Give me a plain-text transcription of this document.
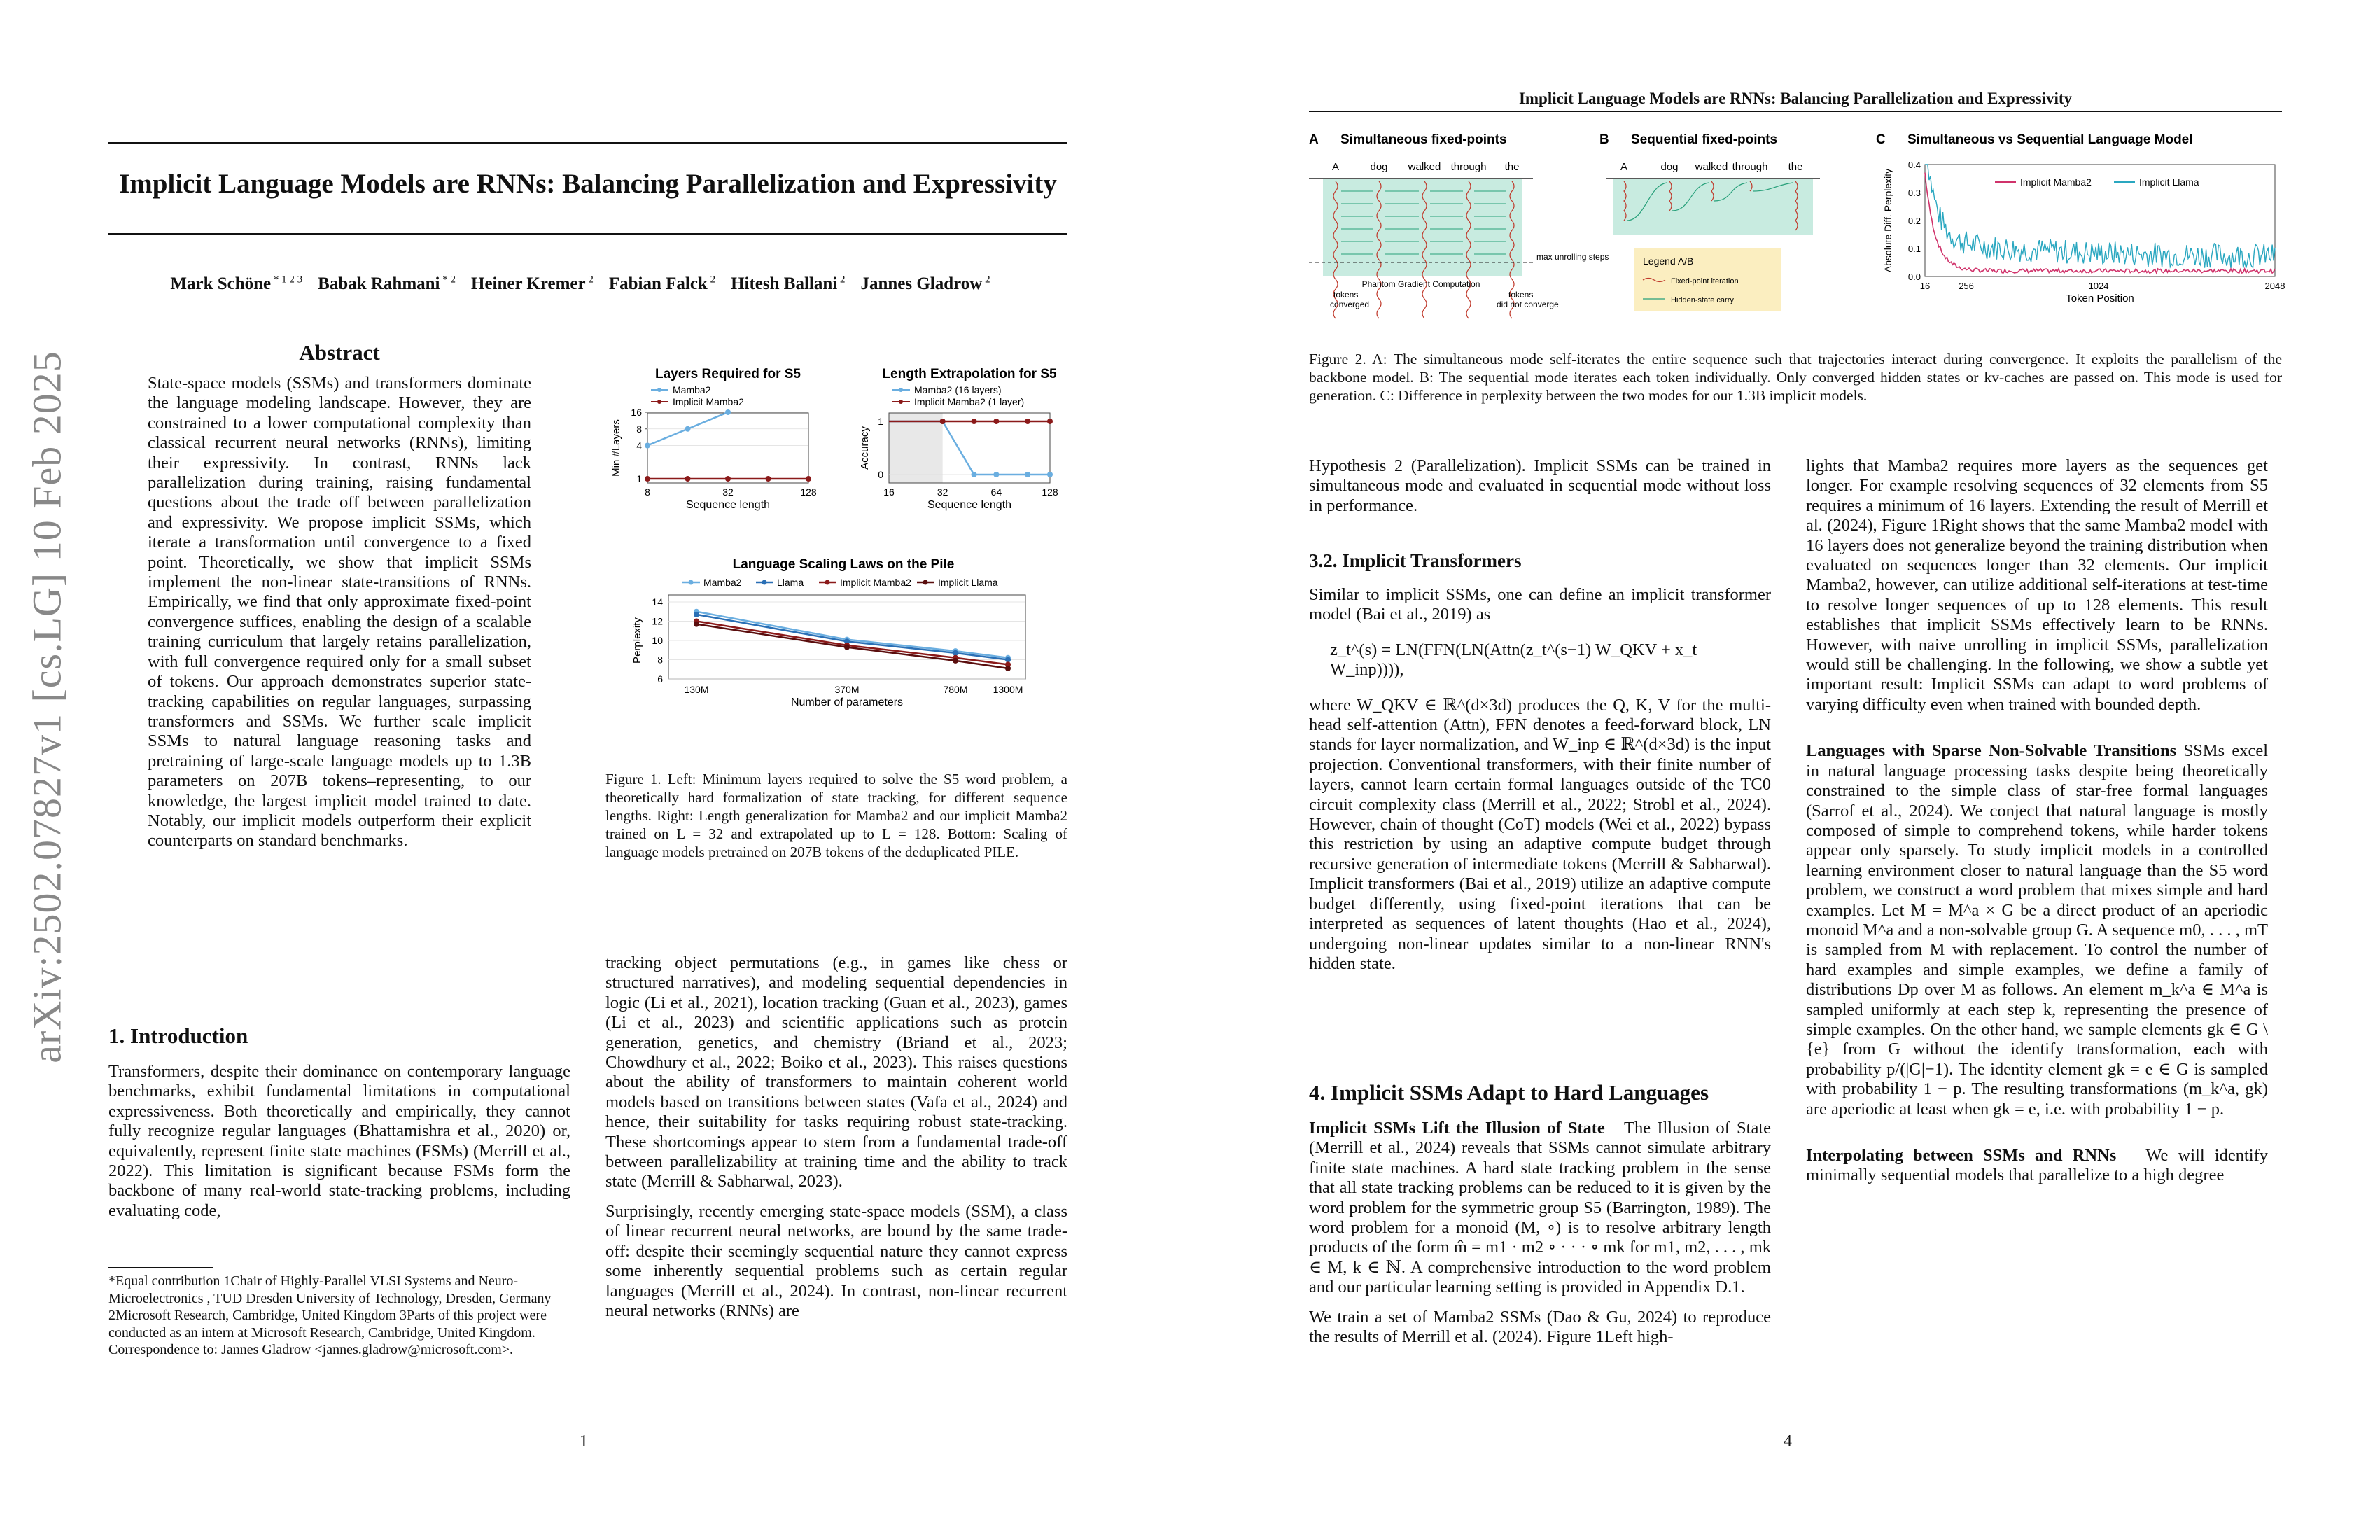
arXiv:2502.07827v1 [cs.LG] 10 Feb 2025
Implicit Language Models are RNNs: Balancing Parallelization and Expressivity
Mark Schöne $^{* 1 2 3}$ Babak Rahmani $^{* 2}$ Heiner Kremer $^2$ Fabian Falck $^2$ Hitesh Ballani $^2$ Jannes Gladrow $^2$
Abstract

State-space models (SSMs) and transformers dominate the language modeling landscape. However, they are constrained to a lower computational complexity than classical recurrent neural networks (RNNs), limiting their expressivity. In contrast, RNNs lack parallelization during training, raising fundamental questions about the trade off between parallelization and expressivity. We propose implicit SSMs, which iterate a transformation until convergence to a fixed point. Theoretically, we show that implicit SSMs implement the non-linear state-transitions of RNNs. Empirically, we find that only approximate fixed-point convergence suffices, enabling the design of a scalable training curriculum that largely retains parallelization, with full convergence required only for a small subset of tokens. Our approach demonstrates superior state-tracking capabilities on regular languages, surpassing transformers and SSMs. We further scale implicit SSMs to natural language reasoning tasks and pretraining of large-scale language models up to 1.3B parameters on 207B tokens–representing, to our knowledge, the largest implicit model trained to date. Notably, our implicit models outperform their explicit counterparts on standard benchmarks.

1. Introduction

Transformers, despite their dominance on contemporary language benchmarks, exhibit fundamental limitations in computational expressiveness. Both theoretically and empirically, they cannot fully recognize regular languages (Bhattamishra et al., 2020) or, equivalently, represent finite state machines (FSMs) (Merrill et al., 2022). This limitation is significant because FSMs form the backbone of many real-world state-tracking problems, including evaluating code,

*Equal contribution 1Chair of Highly-Parallel VLSI Systems and Neuro-Microelectronics , TUD Dresden University of Technology, Dresden, Germany 2Microsoft Research, Cambridge, United Kingdom 3Parts of this project were conducted as an intern at Microsoft Research, Cambridge, United Kingdom. Correspondence to: Jannes Gladrow <jannes.gladrow@microsoft.com>.
Layers Required for S5
Mamba2
Implicit Mamba2
1
4
8
16
8	32	128
Sequence length
Min #Layers
Length Extrapolation for S5
Mamba2 (16 layers)
Implicit Mamba2 (1 layer)
0
1
16	32	64	128
Sequence length
Accuracy
Language Scaling Laws on the Pile
Mamba2	Llama	Implicit Mamba2	Implicit Llama
6
8
10
12
14
130M	370M	780M	1300M
Number of parameters
Perplexity
Figure 1. Left: Minimum layers required to solve the S5 word problem, a theoretically hard formalization of state tracking, for different sequence lengths. Right: Length generalization for Mamba2 and our implicit Mamba2 trained on L = 32 and extrapolated up to L = 128. Bottom: Scaling of language models pretrained on 207B tokens of the deduplicated PILE.

tracking object permutations (e.g., in games like chess or structured narratives), and modeling sequential dependencies in logic (Li et al., 2021), location tracking (Guan et al., 2023), games (Li et al., 2023) and scientific applications such as protein generation, genetics, and chemistry (Briand et al., 2023; Chowdhury et al., 2022; Boiko et al., 2023). This raises questions about the ability of transformers to maintain coherent world models based on transitions between states (Vafa et al., 2024) and hence, their suitability for tasks requiring robust state-tracking. These shortcomings appear to stem from a fundamental trade-off between parallelizability at training time and the ability to track state (Merrill & Sabharwal, 2023).

Surprisingly, recently emerging state-space models (SSM), a class of linear recurrent neural networks, are bound by the same trade-off: despite their seemingly sequential nature they cannot express some inherently sequential problems such as certain regular languages (Merrill et al., 2024). In contrast, non-linear recurrent neural networks (RNNs) are

1
Implicit Language Models are RNNs: Balancing Parallelization and Expressivity
A Simultaneous fixed-points
A	dog walked through the
max unrolling steps
Phantom Gradient Computation
tokens
converged
tokens
did not converge
B Sequential fixed-points
A	dog walked through the
Legend A/B
Fixed-point iteration
Hidden-state carry
C Simultaneous vs Sequential Language Model
0.0
0.1
0.2
0.3
0.4
16	256	1024	2048
Token Position
Absolute Diff. Perplexity	Implicit Mamba2	Implicit Llama
Figure 2. A: The simultaneous mode self-iterates the entire sequence such that trajectories interact during convergence. It exploits the parallelism of the backbone model. B: The sequential mode iterates each token individually. Only converged hidden states or kv-caches are passed on. This mode is used for generation. C: Difference in perplexity between the two modes for our 1.3B implicit models.

Hypothesis 2 (Parallelization). Implicit SSMs can be trained in simultaneous mode and evaluated in sequential mode without loss in performance.

3.2. Implicit Transformers

Similar to implicit SSMs, one can define an implicit transformer model (Bai et al., 2019) as

z_t^(s) = LN(FFN(LN(Attn(z_t^(s−1) W_QKV + x_t W_inp)))),

where W_QKV ∈ ℝ^(d×3d) produces the Q, K, V for the multi-head self-attention (Attn), FFN denotes a feed-forward block, LN stands for layer normalization, and W_inp ∈ ℝ^(d×3d) is the input projection. Conventional transformers, with their finite number of layers, cannot learn certain formal languages outside of the TC0 circuit complexity class (Merrill et al., 2022; Strobl et al., 2024). However, chain of thought (CoT) models (Wei et al., 2022) bypass this restriction by using an adaptive compute budget through recursive generation of intermediate tokens (Merrill & Sabharwal). Implicit transformers (Bai et al., 2019) utilize an adaptive compute budget differently, using fixed-point iterations that can be interpreted as sequences of latent thoughts (Hao et al., 2024), undergoing non-linear updates similar to a non-linear RNN's hidden state.

4. Implicit SSMs Adapt to Hard Languages

Implicit SSMs Lift the Illusion of State The Illusion of State (Merrill et al., 2024) reveals that SSMs cannot simulate arbitrary finite state machines. A hard state tracking problem in the sense that all state tracking problems can be reduced to it is given by the word problem for the symmetric group S5 (Barrington, 1989). The word problem for a monoid (M, ∘) is to resolve arbitrary length products of the form m̂ = m1 · m2 ∘ · · · ∘ mk for m1, m2, . . . , mk ∈ M, k ∈ ℕ. A comprehensive introduction to the word problem and our particular learning setting is provided in Appendix D.1.

We train a set of Mamba2 SSMs (Dao & Gu, 2024) to reproduce the results of Merrill et al. (2024). Figure 1Left high-

lights that Mamba2 requires more layers as the sequences get longer. For example resolving sequences of 32 elements from S5 requires a minimum of 16 layers. Extending the result of Merrill et al. (2024), Figure 1Right shows that the same Mamba2 model with 16 layers does not generalize beyond the training distribution when evaluated on sequences longer than 32 elements. Our implicit Mamba2, however, can utilize additional self-iterations at test-time to resolve longer sequences of up to 128 elements. This result establishes that implicit SSMs effectively learn to be RNNs. However, with naive unrolling in implicit SSMs, parallelization would still be challenging. In the following, we show a subtle yet important result: Implicit SSMs can adapt to word problems of varying difficulty even when trained with bounded depth.

Languages with Sparse Non-Solvable Transitions SSMs excel in natural language processing tasks despite being theoretically constrained to the simple class of star-free formal languages (Sarrof et al., 2024). We conject that natural language is mostly composed of simple to comprehend tokens, while harder tokens appear only sparsely. To study implicit models in a controlled learning environment closer to natural language than the S5 word problem, we construct a word problem that mixes simple and hard examples. Let M = M^a × G be a direct product of an aperiodic monoid M^a and a non-solvable group G. A sequence m0, . . . , mT is sampled from M with replacement. To control the number of hard examples and simple examples, we define a family of distributions Dp over M as follows. An element m_k^a ∈ M^a is sampled uniformly at each step k, representing the presence of simple examples. On the other hand, we sample elements gk ∈ G \ {e} from G without the identify transformation, each with probability p/(|G|−1). The identity element gk = e ∈ G is sampled with probability 1 − p. The resulting transformations (m_k^a, gk) are aperiodic at least when gk = e, i.e. with probability 1 − p.

Interpolating between SSMs and RNNs We will identify minimally sequential models that parallelize to a high degree

4
